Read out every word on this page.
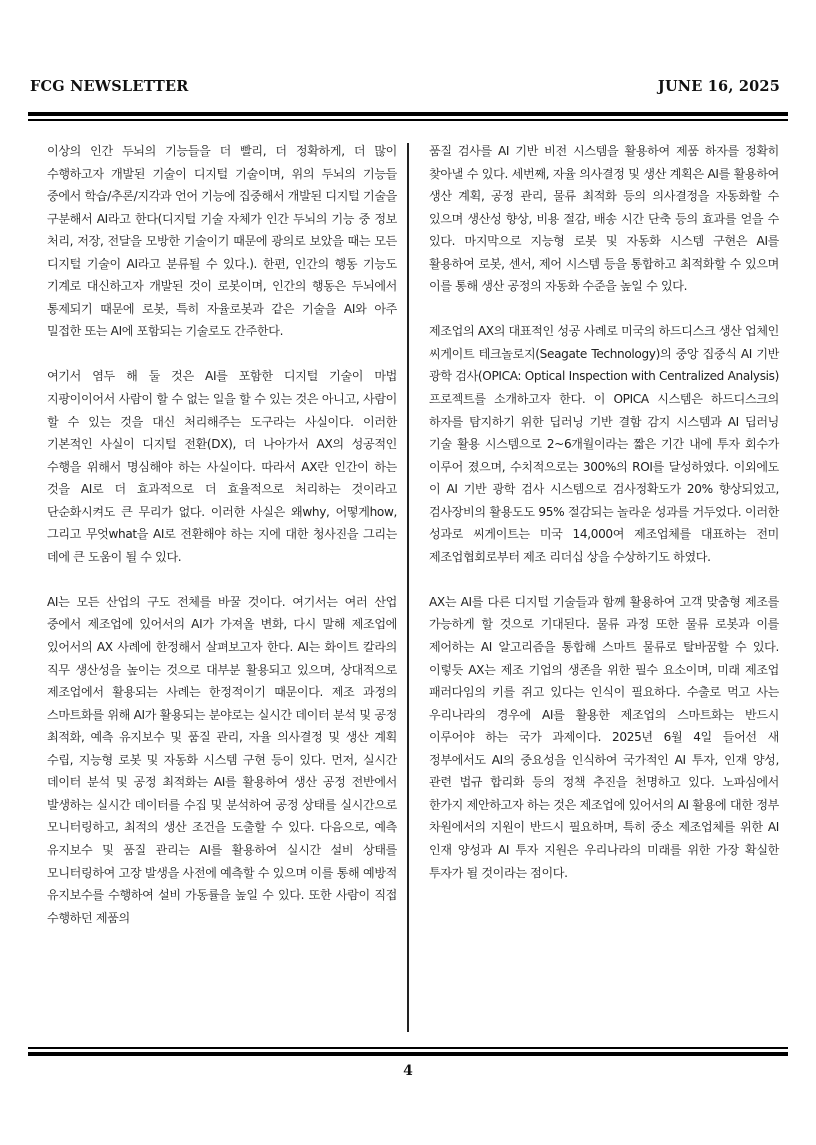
FCG NEWSLETTER	JUNE 16, 2025

이상의 인간 두뇌의 기능들을 더 빨리, 더 정확하게, 더 많이 수행하고자 개발된 기술이 디지털 기술이며, 위의 두뇌의 기능들 중에서 학습/추론/지각과 언어 기능에 집중해서 개발된 디지털 기술을 구분해서 AI라고 한다(디지털 기술 자체가 인간 두뇌의 기능 중 정보 처리, 저장, 전달을 모방한 기술이기 때문에 광의로 보았을 때는 모든 디지털 기술이 AI라고 분류될 수 있다.). 한편, 인간의 행동 기능도 기계로 대신하고자 개발된 것이 로봇이며, 인간의 행동은 두뇌에서 통제되기 때문에 로봇, 특히 자율로봇과 같은 기술을 AI와 아주 밀접한 또는 AI에 포함되는 기술로도 간주한다.

여기서 염두 해 둘 것은 AI를 포함한 디지털 기술이 마법 지팡이이어서 사람이 할 수 없는 일을 할 수 있는 것은 아니고, 사람이 할 수 있는 것을 대신 처리해주는 도구라는 사실이다. 이러한 기본적인 사실이 디지털 전환(DX), 더 나아가서 AX의 성공적인 수행을 위해서 명심해야 하는 사실이다. 따라서 AX란 인간이 하는 것을 AI로 더 효과적으로 더 효율적으로 처리하는 것이라고 단순화시켜도 큰 무리가 없다. 이러한 사실은 왜why, 어떻게how, 그리고 무엇what을 AI로 전환해야 하는 지에 대한 청사진을 그리는 데에 큰 도움이 될 수 있다.

AI는 모든 산업의 구도 전체를 바꿀 것이다. 여기서는 여러 산업 중에서 제조업에 있어서의 AI가 가져올 변화, 다시 말해 제조업에 있어서의 AX 사례에 한정해서 살펴보고자 한다. AI는 화이트 칼라의 직무 생산성을 높이는 것으로 대부분 활용되고 있으며, 상대적으로 제조업에서 활용되는 사례는 한정적이기 때문이다. 제조 과정의 스마트화를 위해 AI가 활용되는 분야로는 실시간 데이터 분석 및 공정 최적화, 예측 유지보수 및 품질 관리, 자율 의사결정 및 생산 계획 수립, 지능형 로봇 및 자동화 시스템 구현 등이 있다. 먼저, 실시간 데이터 분석 및 공정 최적화는 AI를 활용하여 생산 공정 전반에서 발생하는 실시간 데이터를 수집 및 분석하여 공정 상태를 실시간으로 모니터링하고, 최적의 생산 조건을 도출할 수 있다. 다음으로, 예측 유지보수 및 품질 관리는 AI를 활용하여 실시간 설비 상태를 모니터링하여 고장 발생을 사전에 예측할 수 있으며 이를 통해 예방적 유지보수를 수행하여 설비 가동률을 높일 수 있다. 또한 사람이 직접 수행하던 제품의

품질 검사를 AI 기반 비전 시스템을 활용하여 제품 하자를 정확히 찾아낼 수 있다. 세번째, 자율 의사결정 및 생산 계획은 AI를 활용하여 생산 계획, 공정 관리, 물류 최적화 등의 의사결정을 자동화할 수 있으며 생산성 향상, 비용 절감, 배송 시간 단축 등의 효과를 얻을 수 있다. 마지막으로 지능형 로봇 및 자동화 시스템 구현은 AI를 활용하여 로봇, 센서, 제어 시스템 등을 통합하고 최적화할 수 있으며 이를 통해 생산 공정의 자동화 수준을 높일 수 있다.

제조업의 AX의 대표적인 성공 사례로 미국의 하드디스크 생산 업체인 씨게이트 테크놀로지(Seagate Technology)의 중앙 집중식 AI 기반 광학 검사(OPICA: Optical Inspection with Centralized Analysis) 프로젝트를 소개하고자 한다. 이 OPICA 시스템은 하드디스크의 하자를 탐지하기 위한 딥러닝 기반 결함 감지 시스템과 AI 딥러닝 기술 활용 시스템으로 2~6개월이라는 짧은 기간 내에 투자 회수가 이루어 졌으며, 수치적으로는 300%의 ROI를 달성하였다. 이외에도 이 AI 기반 광학 검사 시스템으로 검사정확도가 20% 향상되었고, 검사장비의 활용도도 95% 절감되는 놀라운 성과를 거두었다. 이러한 성과로 씨게이트는 미국 14,000여 제조업체를 대표하는 전미 제조업협회로부터 제조 리더십 상을 수상하기도 하였다.

AX는 AI를 다른 디지털 기술들과 함께 활용하여 고객 맞춤형 제조를 가능하게 할 것으로 기대된다. 물류 과정 또한 물류 로봇과 이를 제어하는 AI 알고리즘을 통합해 스마트 물류로 탈바꿈할 수 있다. 이렇듯 AX는 제조 기업의 생존을 위한 필수 요소이며, 미래 제조업 패러다임의 키를 쥐고 있다는 인식이 필요하다. 수출로 먹고 사는 우리나라의 경우에 AI를 활용한 제조업의 스마트화는 반드시 이루어야 하는 국가 과제이다. 2025년 6월 4일 들어선 새 정부에서도 AI의 중요성을 인식하여 국가적인 AI 투자, 인재 양성, 관련 법규 합리화 등의 정책 추진을 천명하고 있다. 노파심에서 한가지 제안하고자 하는 것은 제조업에 있어서의 AI 활용에 대한 정부 차원에서의 지원이 반드시 필요하며, 특히 중소 제조업체를 위한 AI 인재 양성과 AI 투자 지원은 우리나라의 미래를 위한 가장 확실한 투자가 될 것이라는 점이다.

4
